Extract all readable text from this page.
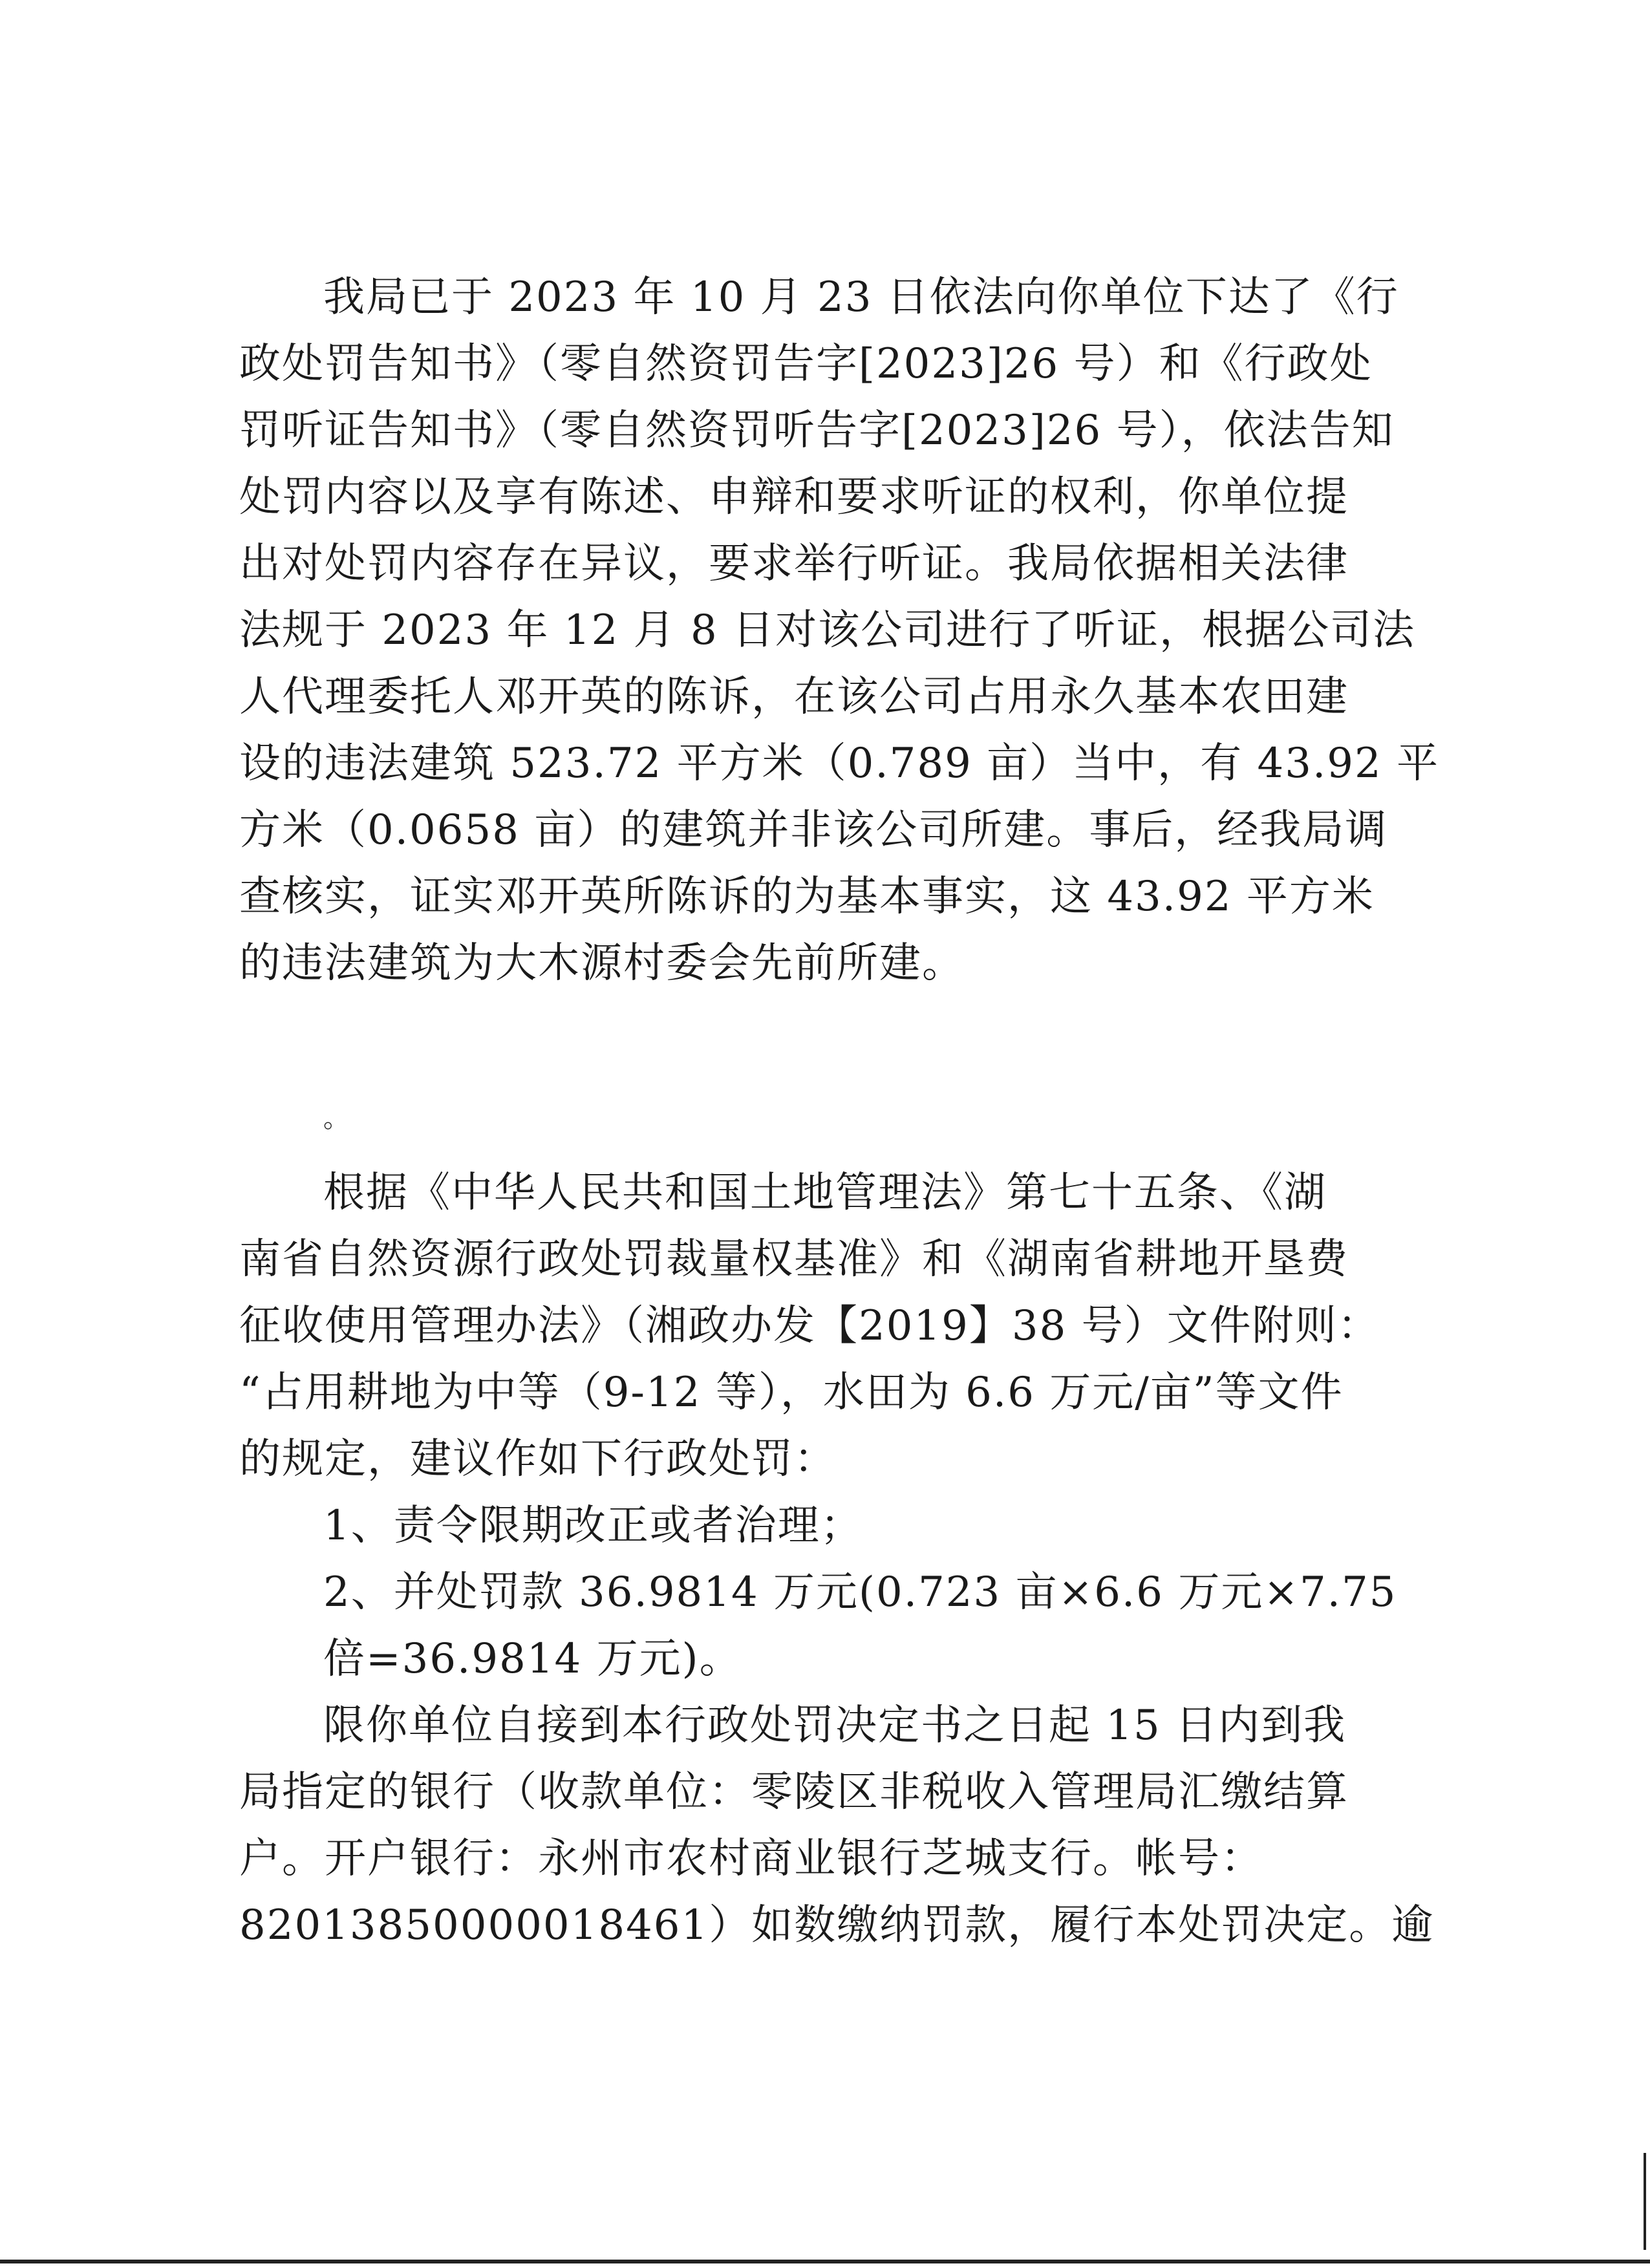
我局已于 2023 年 10 月 23 日依法向你单位下达了《行
政处罚告知书》（零自然资罚告字[2023]26 号）和《行政处
罚听证告知书》（零自然资罚听告字[2023]26 号），依法告知
处罚内容以及享有陈述、申辩和要求听证的权利，你单位提
出对处罚内容存在异议，要求举行听证。我局依据相关法律
法规于 2023 年 12 月 8 日对该公司进行了听证，根据公司法
人代理委托人邓开英的陈诉，在该公司占用永久基本农田建
设的违法建筑 523.72 平方米（0.789 亩）当中，有 43.92 平
方米（0.0658 亩）的建筑并非该公司所建。事后，经我局调
查核实，证实邓开英所陈诉的为基本事实，这 43.92 平方米
的违法建筑为大木源村委会先前所建。
。
根据《中华人民共和国土地管理法》第七十五条、《湖
南省自然资源行政处罚裁量权基准》和《湖南省耕地开垦费
征收使用管理办法》（湘政办发【2019】38 号）文件附则：
“占用耕地为中等（9-12 等），水田为 6.6 万元/亩”等文件
的规定，建议作如下行政处罚：
1、责令限期改正或者治理；
2、并处罚款 36.9814 万元(0.723 亩×6.6 万元×7.75
倍=36.9814 万元)。
限你单位自接到本行政处罚决定书之日起 15 日内到我
局指定的银行（收款单位：零陵区非税收入管理局汇缴结算
户。开户银行：永州市农村商业银行芝城支行。帐号：
82013850000018461）如数缴纳罚款，履行本处罚决定。逾
